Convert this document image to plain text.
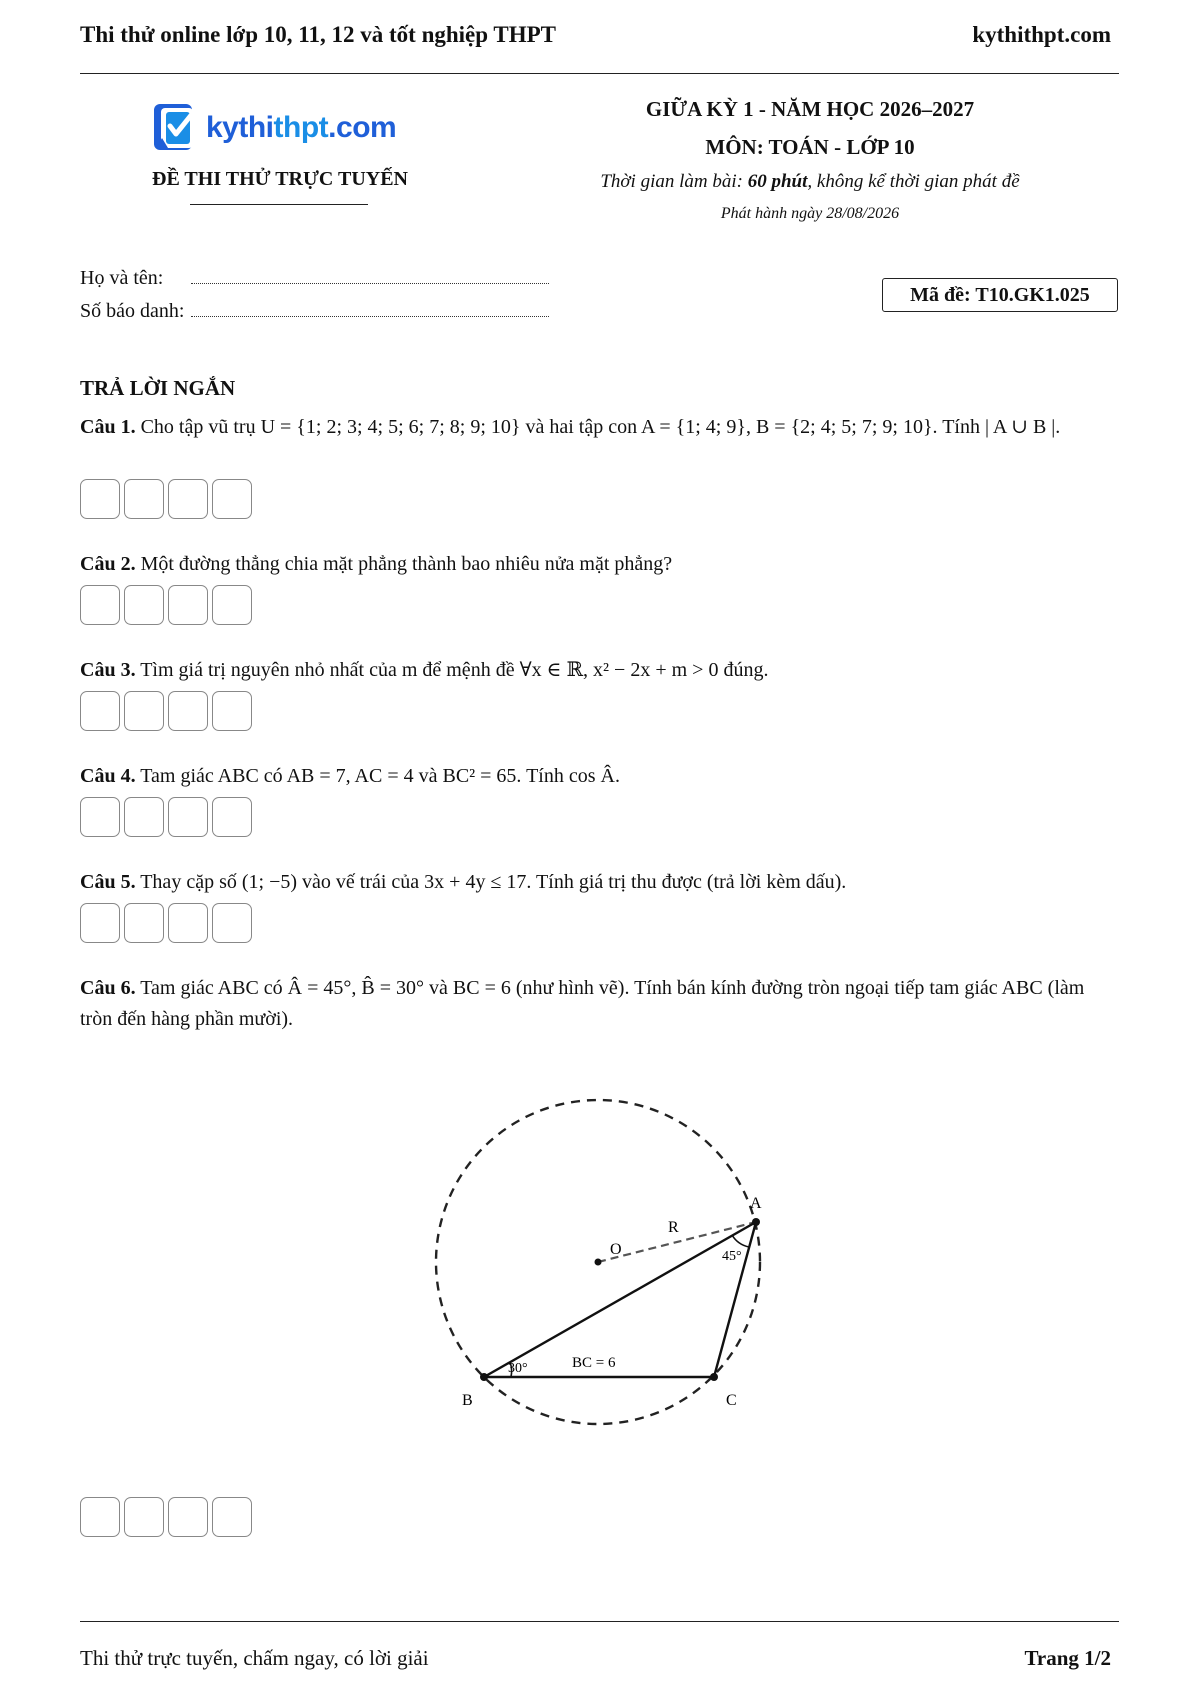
Thi thử online lớp 10, 11, 12 và tốt nghiệp THPT	kythithpt.com
kythithpt.com
ĐỀ THI THỬ TRỰC TUYẾN
GIỮA KỲ 1 - NĂM HỌC 2026–2027
MÔN: TOÁN - LỚP 10
Thời gian làm bài: 60 phút, không kể thời gian phát đề
Phát hành ngày 28/08/2026
Họ và tên:
Số báo danh:
Mã đề: T10.GK1.025
TRẢ LỜI NGẮN
Câu 1. Cho tập vũ trụ U = {1; 2; 3; 4; 5; 6; 7; 8; 9; 10} và hai tập con A = {1; 4; 9}, B = {2; 4; 5; 7; 9; 10}. Tính | A ∪ B |.
Câu 2. Một đường thẳng chia mặt phẳng thành bao nhiêu nửa mặt phẳng?
Câu 3. Tìm giá trị nguyên nhỏ nhất của m để mệnh đề ∀x ∈ ℝ, x² − 2x + m > 0 đúng.
Câu 4. Tam giác ABC có AB = 7, AC = 4 và BC² = 65. Tính cos Â.
Câu 5. Thay cặp số (1; −5) vào vế trái của 3x + 4y ≤ 17. Tính giá trị thu được (trả lời kèm dấu).
Câu 6. Tam giác ABC có Â = 45°, B̂ = 30° và BC = 6 (như hình vẽ). Tính bán kính đường tròn ngoại tiếp tam giác ABC (làm tròn đến hàng phần mười).
A
B	C
O
R
45°
30°	BC = 6
Thi thử trực tuyến, chấm ngay, có lời giải	Trang 1/2
